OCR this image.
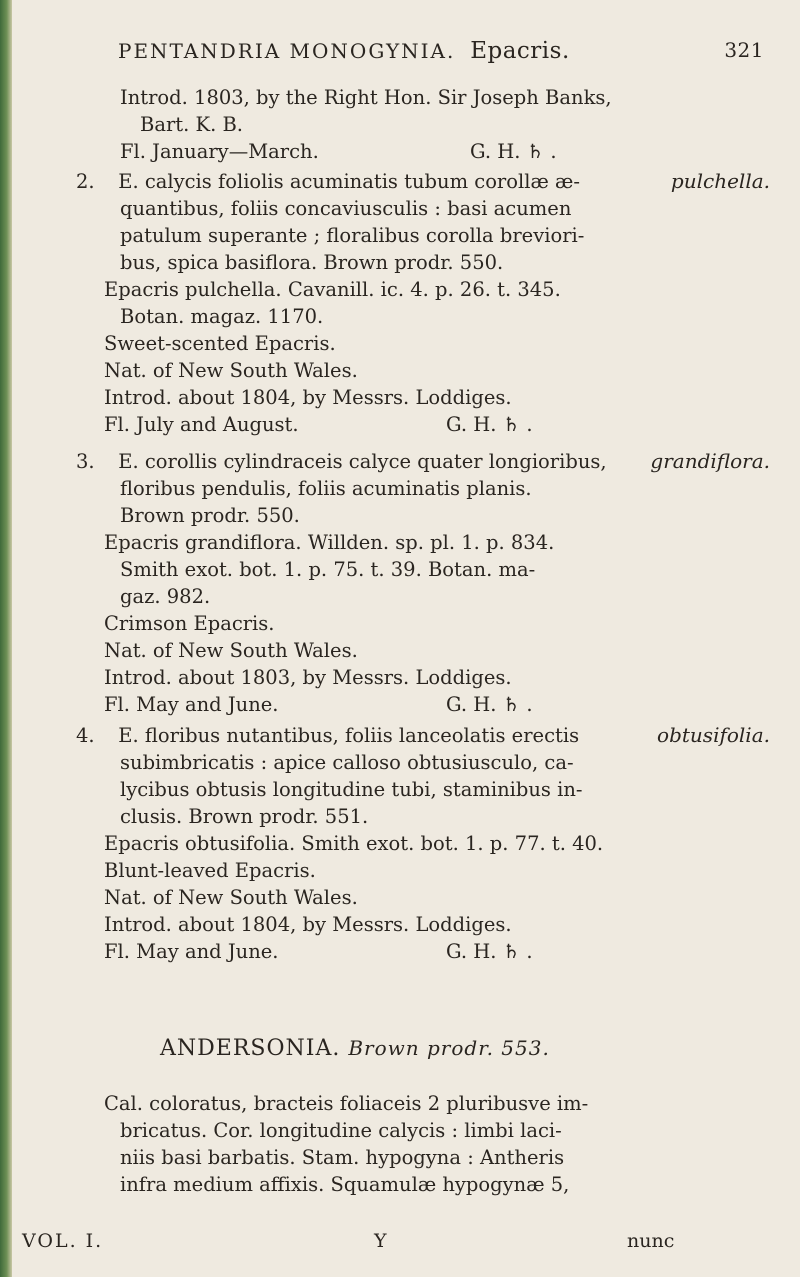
PENTANDRIA MONOGYNIA. Epacris.	321
Introd. 1803, by the Right Hon. Sir Joseph Banks,
Bart. K. B.
Fl. January—March.	G. H. ♄ .
2. E. calycis foliolis acuminatis tubum corollæ æ-	pulchella.
quantibus, foliis concaviusculis : basi acumen
patulum superante ; floralibus corolla breviori-
bus, spica basiflora. Brown prodr. 550.
Epacris pulchella. Cavanill. ic. 4. p. 26. t. 345.
Botan. magaz. 1170.
Sweet-scented Epacris.
Nat. of New South Wales.
Introd. about 1804, by Messrs. Loddiges.
Fl. July and August.	G. H. ♄ .
3. E. corollis cylindraceis calyce quater longioribus, grandiflora.
floribus pendulis, foliis acuminatis planis.
Brown prodr. 550.
Epacris grandiflora. Willden. sp. pl. 1. p. 834.
Smith exot. bot. 1. p. 75. t. 39. Botan. ma-
gaz. 982.
Crimson Epacris.
Nat. of New South Wales.
Introd. about 1803, by Messrs. Loddiges.
Fl. May and June.	G. H. ♄ .
4. E. floribus nutantibus, foliis lanceolatis erectis	obtusifolia.
subimbricatis : apice calloso obtusiusculo, ca-
lycibus obtusis longitudine tubi, staminibus in-
clusis. Brown prodr. 551.
Epacris obtusifolia. Smith exot. bot. 1. p. 77. t. 40.
Blunt-leaved Epacris.
Nat. of New South Wales.
Introd. about 1804, by Messrs. Loddiges.
Fl. May and June.	G. H. ♄ .
ANDERSONIA. Brown prodr. 553.
Cal. coloratus, bracteis foliaceis 2 pluribusve im-
bricatus. Cor. longitudine calycis : limbi laci-
niis basi barbatis. Stam. hypogyna : Antheris
infra medium affixis. Squamulæ hypogynæ 5,
VOL. I.	Y	nunc
